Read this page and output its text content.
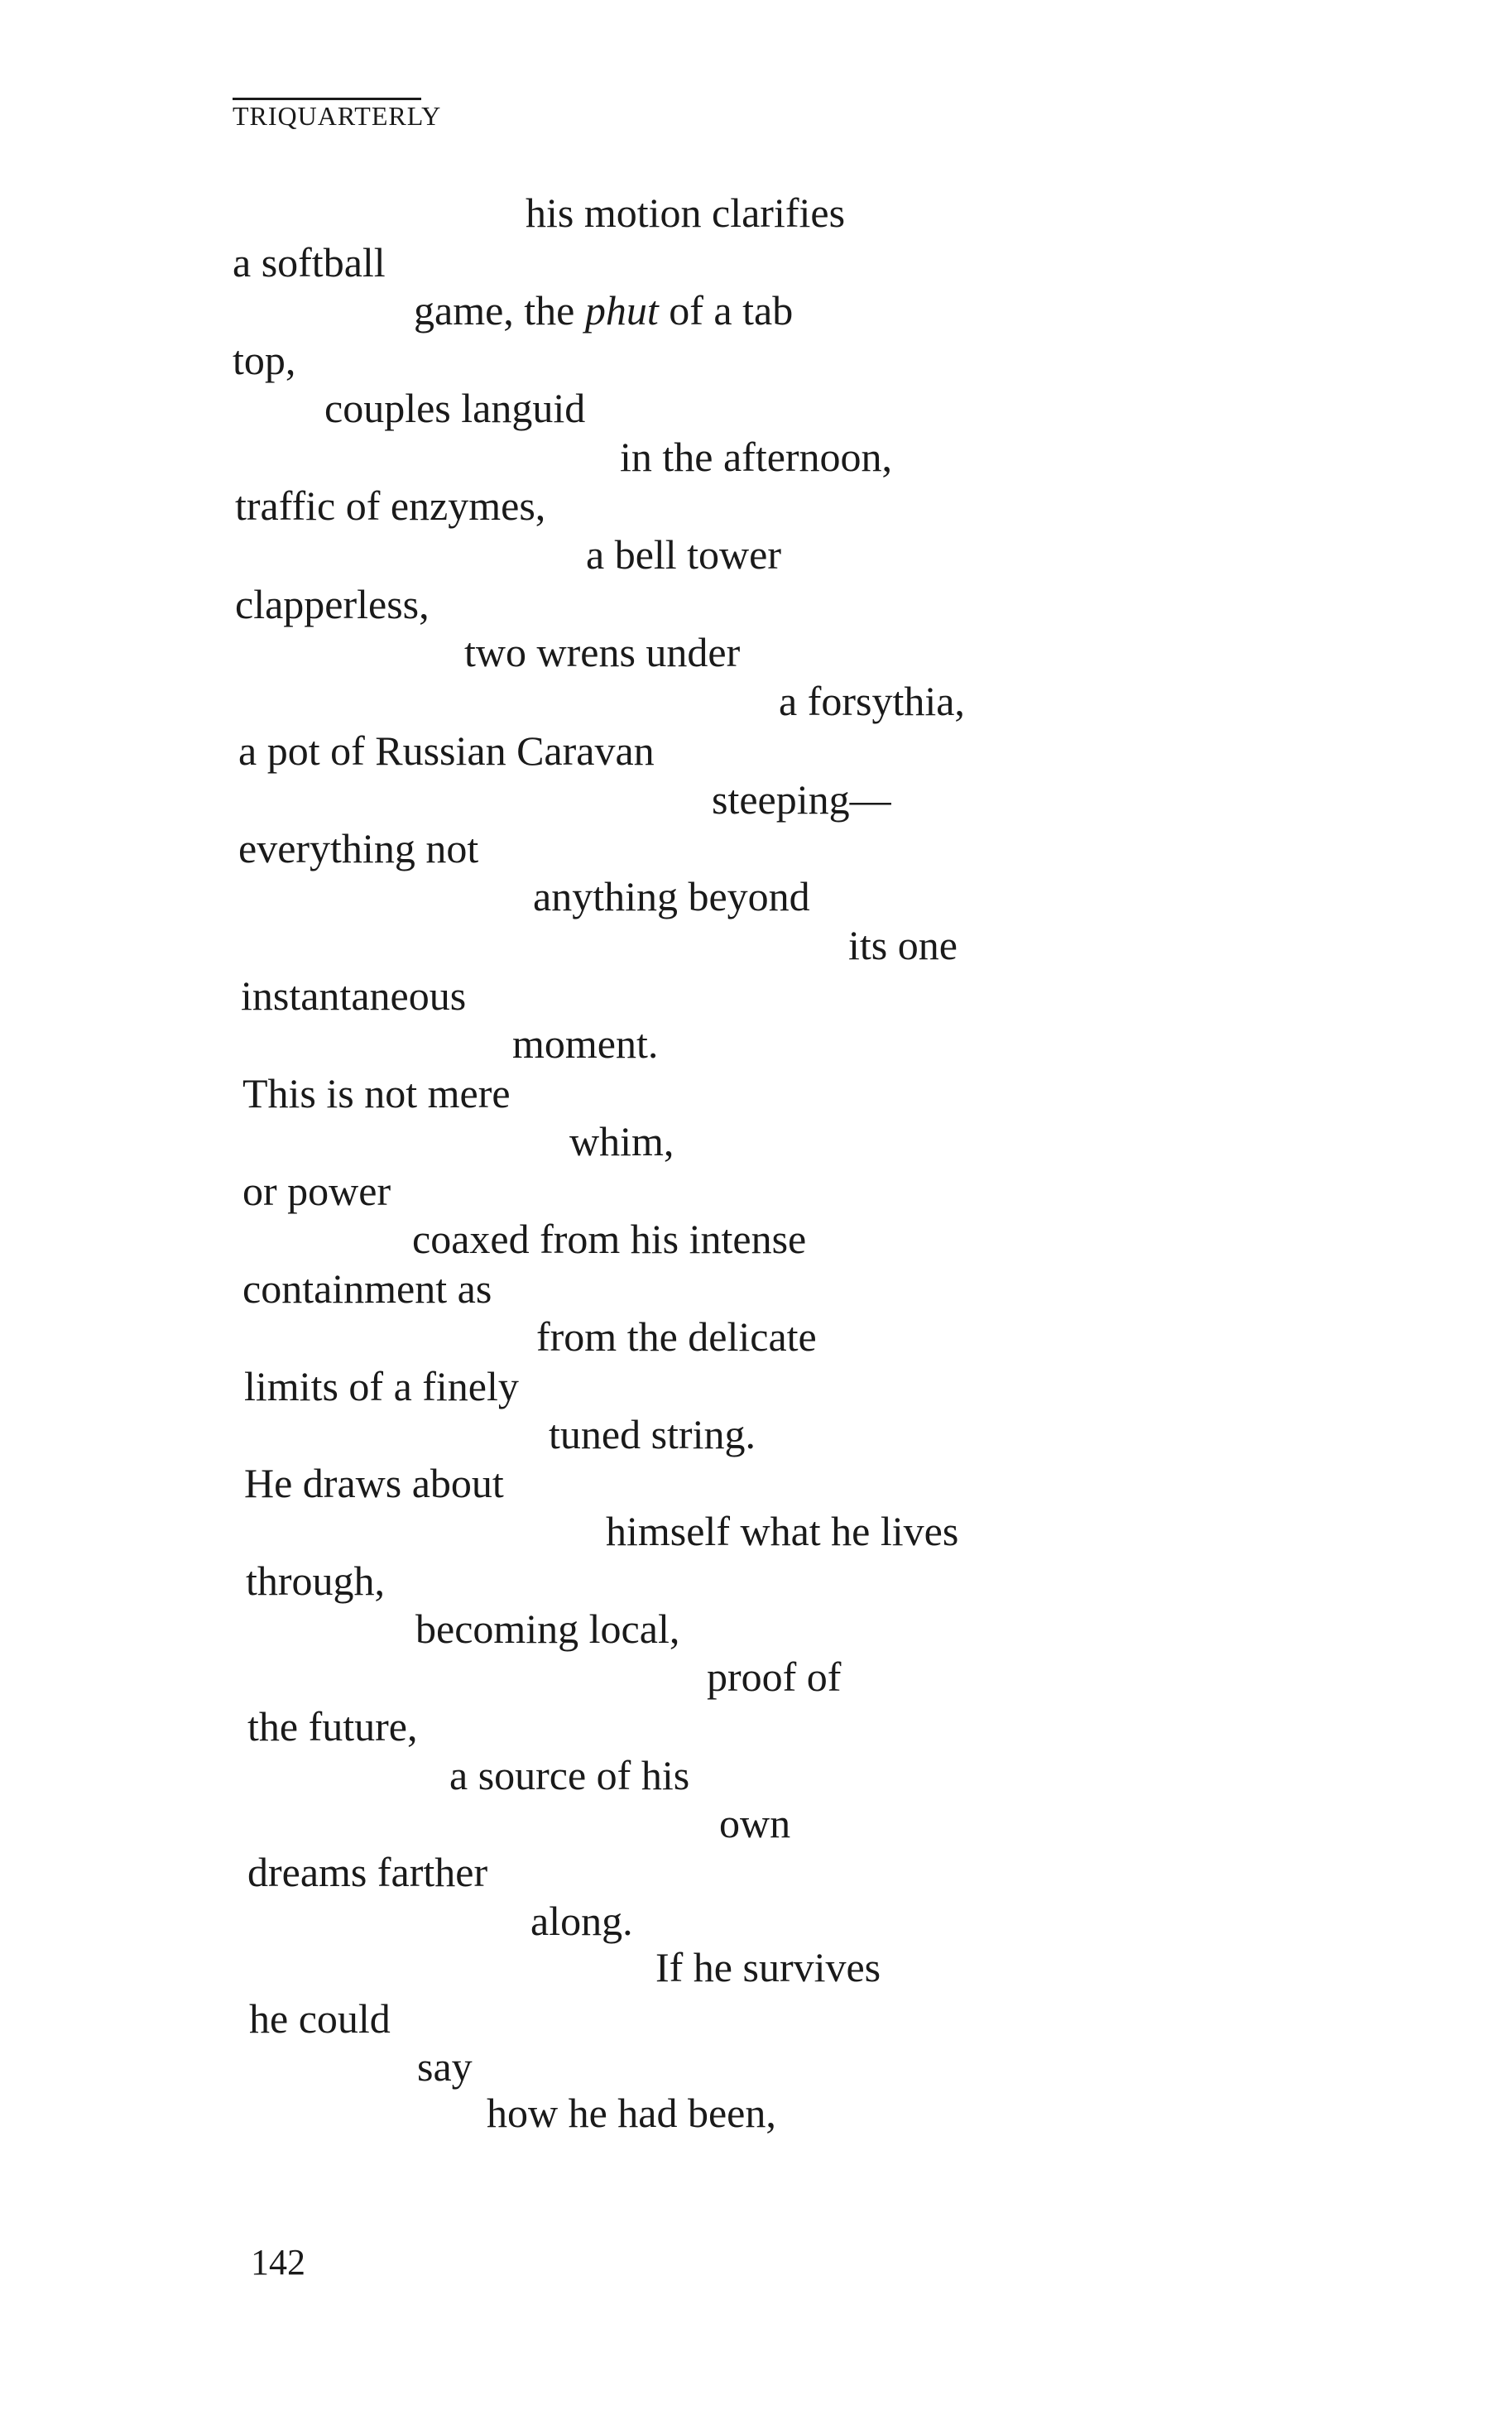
TRIQUARTERLY
his motion clarifies
a softball
game, the phut of a tab
top,
couples languid
in the afternoon,
traffic of enzymes,
a bell tower
clapperless,
two wrens under
a forsythia,
a pot of Russian Caravan
steeping—
everything not
anything beyond
its one
instantaneous
moment.
This is not mere
whim,
or power
coaxed from his intense
containment as
from the delicate
limits of a finely
tuned string.
He draws about
himself what he lives
through,
becoming local,
proof of
the future,
a source of his
own
dreams farther
along.
If he survives
he could
say
how he had been,
142
